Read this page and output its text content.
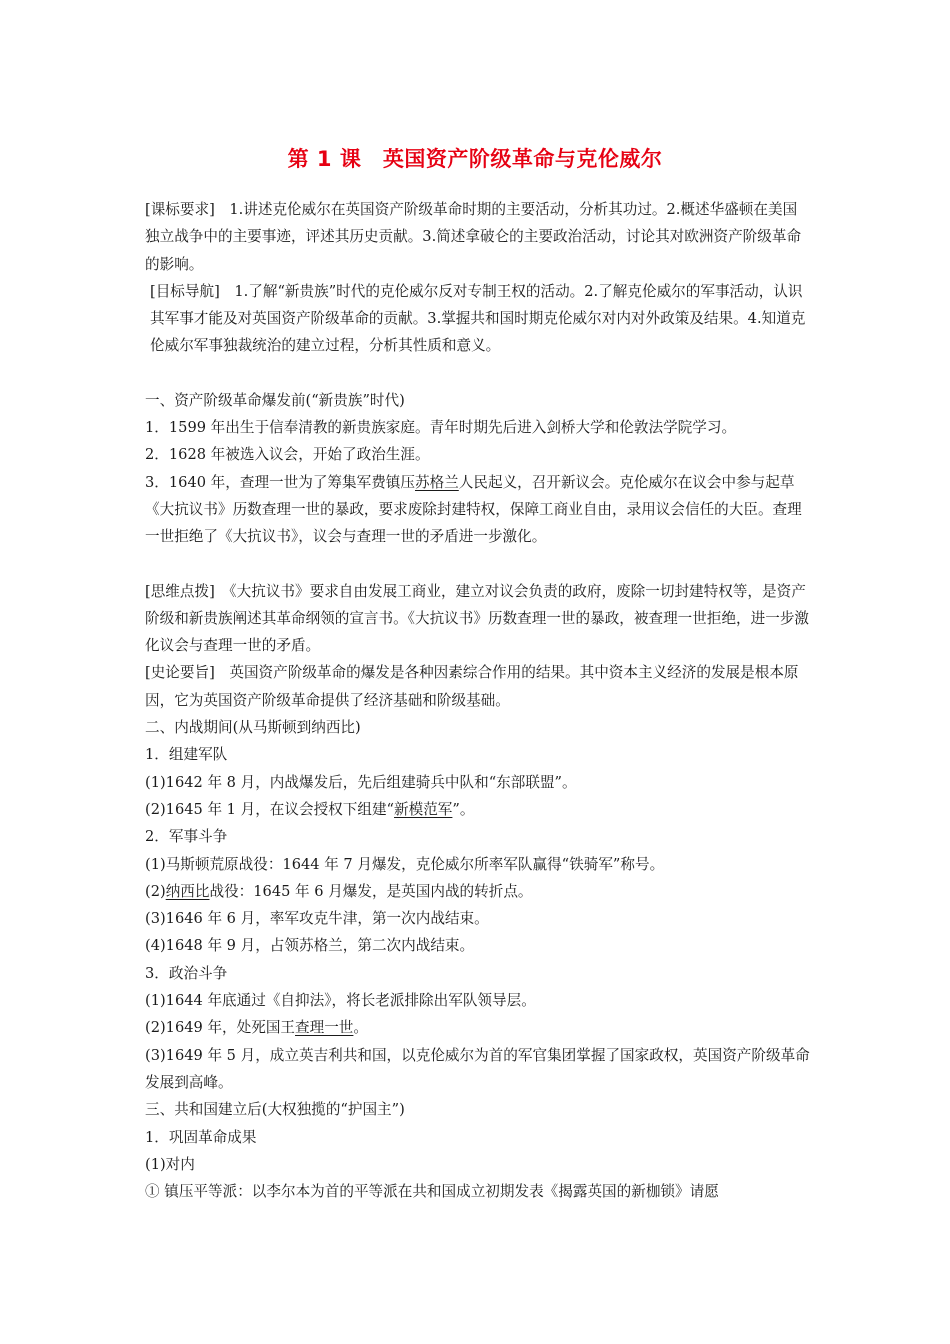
第 1 课　英国资产阶级革命与克伦威尔

[课标要求]　1.讲述克伦威尔在英国资产阶级革命时期的主要活动，分析其功过。2.概述华盛顿在美国独立战争中的主要事迹，评述其历史贡献。3.简述拿破仑的主要政治活动，讨论其对欧洲资产阶级革命的影响。

[目标导航]　1.了解“新贵族”时代的克伦威尔反对专制王权的活动。2.了解克伦威尔的军事活动，认识其军事才能及对英国资产阶级革命的贡献。3.掌握共和国时期克伦威尔对内对外政策及结果。4.知道克伦威尔军事独裁统治的建立过程，分析其性质和意义。

一、资产阶级革命爆发前(“新贵族”时代)

1．1599 年出生于信奉清教的新贵族家庭。青年时期先后进入剑桥大学和伦敦法学院学习。

2．1628 年被选入议会，开始了政治生涯。

3．1640 年，查理一世为了筹集军费镇压苏格兰人民起义，召开新议会。克伦威尔在议会中参与起草《大抗议书》历数查理一世的暴政，要求废除封建特权，保障工商业自由，录用议会信任的大臣。查理一世拒绝了《大抗议书》，议会与查理一世的矛盾进一步激化。

[思维点拨]　《大抗议书》要求自由发展工商业，建立对议会负责的政府，废除一切封建特权等，是资产阶级和新贵族阐述其革命纲领的宣言书。《大抗议书》历数查理一世的暴政，被查理一世拒绝，进一步激化议会与查理一世的矛盾。

[史论要旨]　英国资产阶级革命的爆发是各种因素综合作用的结果。其中资本主义经济的发展是根本原因，它为英国资产阶级革命提供了经济基础和阶级基础。

二、内战期间(从马斯顿到纳西比)

1．组建军队

(1)1642 年 8 月，内战爆发后，先后组建骑兵中队和“东部联盟”。

(2)1645 年 1 月，在议会授权下组建“新模范军”。

2．军事斗争

(1)马斯顿荒原战役：1644 年 7 月爆发，克伦威尔所率军队赢得“铁骑军”称号。

(2)纳西比战役：1645 年 6 月爆发，是英国内战的转折点。

(3)1646 年 6 月，率军攻克牛津，第一次内战结束。

(4)1648 年 9 月，占领苏格兰，第二次内战结束。

3．政治斗争

(1)1644 年底通过《自抑法》，将长老派排除出军队领导层。

(2)1649 年，处死国王查理一世。

(3)1649 年 5 月，成立英吉利共和国，以克伦威尔为首的军官集团掌握了国家政权，英国资产阶级革命发展到高峰。

三、共和国建立后(大权独揽的“护国主”)

1．巩固革命成果

(1)对内

① 镇压平等派：以李尔本为首的平等派在共和国成立初期发表《揭露英国的新枷锁》请愿
